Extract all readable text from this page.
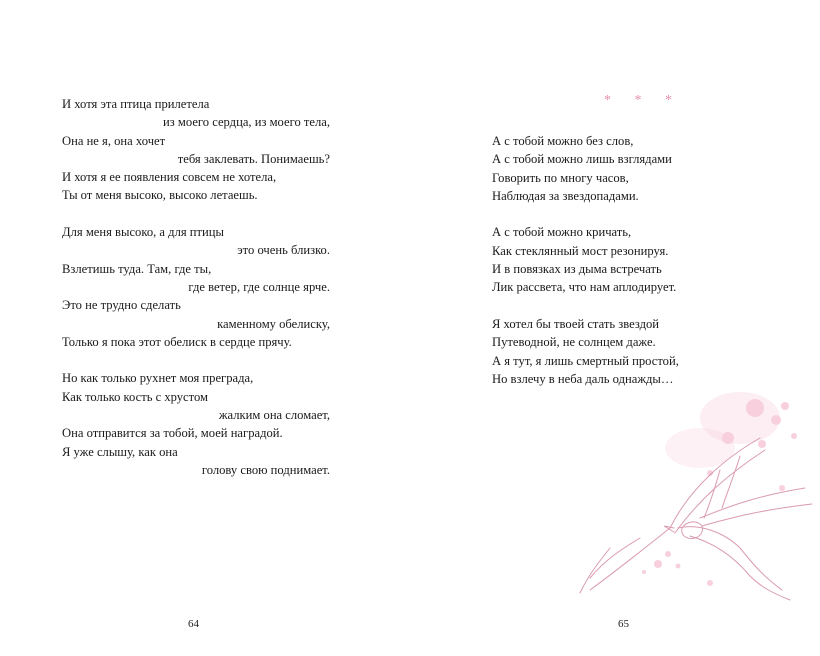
И хотя эта птица прилетела
из моего сердца, из моего тела,
Она не я, она хочет
тебя заклевать. Понимаешь?
И хотя я ее появления совсем не хотела,
Ты от меня высоко, высоко летаешь.
Для меня высоко, а для птицы
это очень близко.
Взлетишь туда. Там, где ты,
где ветер, где солнце ярче.
Это не трудно сделать
каменному обелиску,
Только я пока этот обелиск в сердце прячу.
Но как только рухнет моя преграда,
Как только кость с хрустом
жалким она сломает,
Она отправится за тобой, моей наградой.
Я уже слышу, как она
голову свою поднимает.
64
* * *
А с тобой можно без слов,
А с тобой можно лишь взглядами
Говорить по многу часов,
Наблюдая за звездопадами.
А с тобой можно кричать,
Как стеклянный мост резонируя.
И в повязках из дыма встречать
Лик рассвета, что нам аплодирует.
Я хотел бы твоей стать звездой
Путеводной, не солнцем даже.
А я тут, я лишь смертный простой,
Но взлечу в неба даль однажды…
65
